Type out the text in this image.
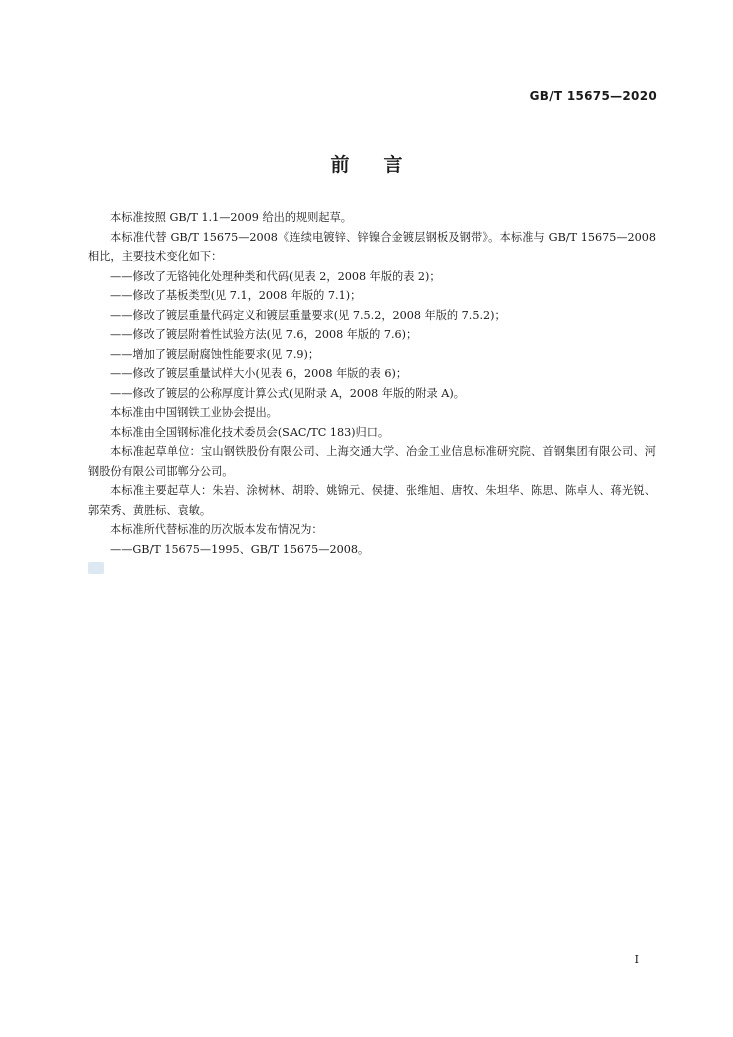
GB/T 15675—2020
前言

本标准按照 GB/T 1.1—2009 给出的规则起草。

本标准代替 GB/T 15675—2008《连续电镀锌、锌镍合金镀层钢板及钢带》。本标准与 GB/T 15675—2008 相比，主要技术变化如下：

——修改了无铬钝化处理种类和代码(见表 2，2008 年版的表 2)；

——修改了基板类型(见 7.1，2008 年版的 7.1)；

——修改了镀层重量代码定义和镀层重量要求(见 7.5.2，2008 年版的 7.5.2)；

——修改了镀层附着性试验方法(见 7.6，2008 年版的 7.6)；

——增加了镀层耐腐蚀性能要求(见 7.9)；

——修改了镀层重量试样大小(见表 6，2008 年版的表 6)；

——修改了镀层的公称厚度计算公式(见附录 A，2008 年版的附录 A)。

本标准由中国钢铁工业协会提出。

本标准由全国钢标准化技术委员会(SAC/TC 183)归口。

本标准起草单位：宝山钢铁股份有限公司、上海交通大学、冶金工业信息标准研究院、首钢集团有限公司、河钢股份有限公司邯郸分公司。

本标准主要起草人：朱岩、涂树林、胡聆、姚锦元、侯捷、张维旭、唐牧、朱坦华、陈思、陈卓人、蒋光锐、郭荣秀、黄胜标、袁敏。

本标准所代替标准的历次版本发布情况为：

——GB/T 15675—1995、GB/T 15675—2008。

I
